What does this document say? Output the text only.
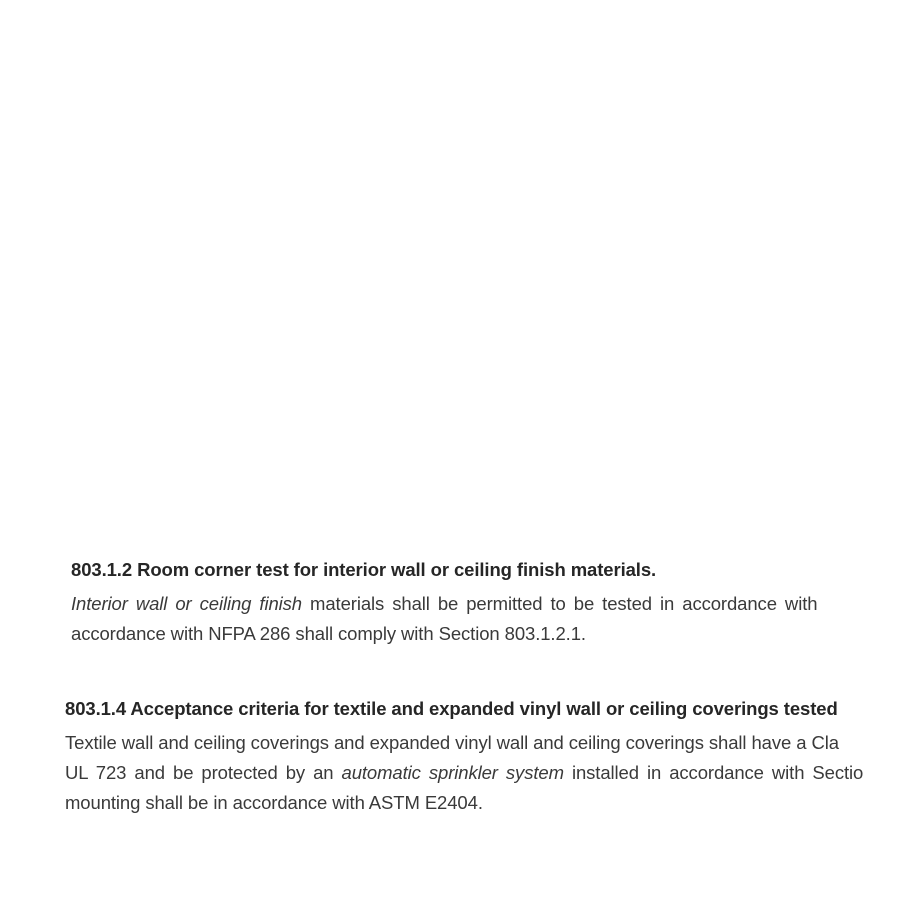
803.1.2 Room corner test for interior wall or ceiling finish materials.

Interior wall or ceiling finish materials shall be permitted to be tested in accordance with

accordance with NFPA 286 shall comply with Section 803.1.2.1.

803.1.4 Acceptance criteria for textile and expanded vinyl wall or ceiling coverings tested

Textile wall and ceiling coverings and expanded vinyl wall and ceiling coverings shall have a Cla

UL 723 and be protected by an automatic sprinkler system installed in accordance with Sectio

mounting shall be in accordance with ASTM E2404.
